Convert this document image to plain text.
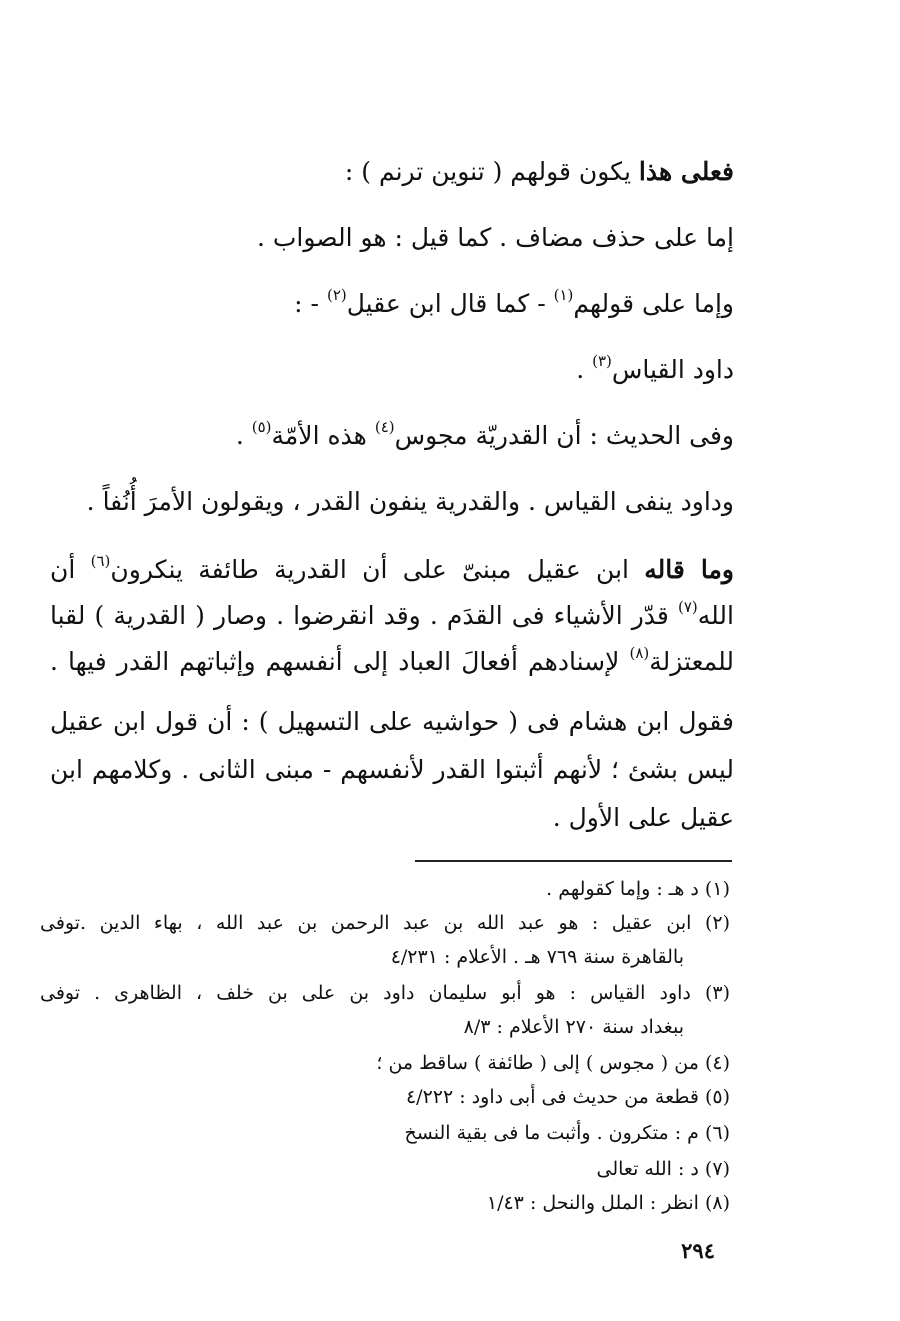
فعلى هذا يكون قولهم ( تنوين ترنم ) :
إما على حذف مضاف . كما قيل : هو الصواب .
وإما على قولهم$^{(١)}$ - كما قال ابن عقيل$^{(٢)}$ - :
داود القياس$^{(٣)}$ .
وفى الحديث : أن القدريّة مجوس$^{(٤)}$ هذه الأمّة$^{(٥)}$ .
وداود ينفى القياس . والقدرية ينفون القدر ، ويقولون الأمرَ أُنُفاً .
وما قاله ابن عقيل مبنىّ على أن القدرية طائفة ينكرون$^{(٦)}$ أن
الله$^{(٧)}$ قدّر الأشياء فى القدَم . وقد انقرضوا . وصار ( القدرية ) لقبا
للمعتزلة$^{(٨)}$ لإسنادهم أفعالَ العباد إلى أنفسهم وإثباتهم القدر فيها .
فقول ابن هشام فى ( حواشيه على التسهيل ) : أن قول ابن عقيل
ليس بشئ ؛ لأنهم أثبتوا القدر لأنفسهم - مبنى الثانى . وكلامهم ابن
عقيل على الأول .
(١) د هـ : وإما كقولهم .
(٢) ابن عقيل : هو عبد الله بن عبد الرحمن بن عبد الله ، بهاء الدين .توفى
بالقاهرة سنة ٧٦٩ هـ . الأعلام : ٤/٢٣١
(٣) داود القياس : هو أبو سليمان داود بن على بن خلف ، الظاهرى . توفى
ببغداد سنة ٢٧٠ الأعلام : ٨/٣
(٤) من ( مجوس ) إلى ( طائفة ) ساقط من ؛
(٥) قطعة من حديث فى أبى داود : ٤/٢٢٢
(٦) م : متكرون . وأثبت ما فى بقية النسخ
(٧) د : الله تعالى
(٨) انظر : الملل والنحل : ١/٤٣
٢٩٤
